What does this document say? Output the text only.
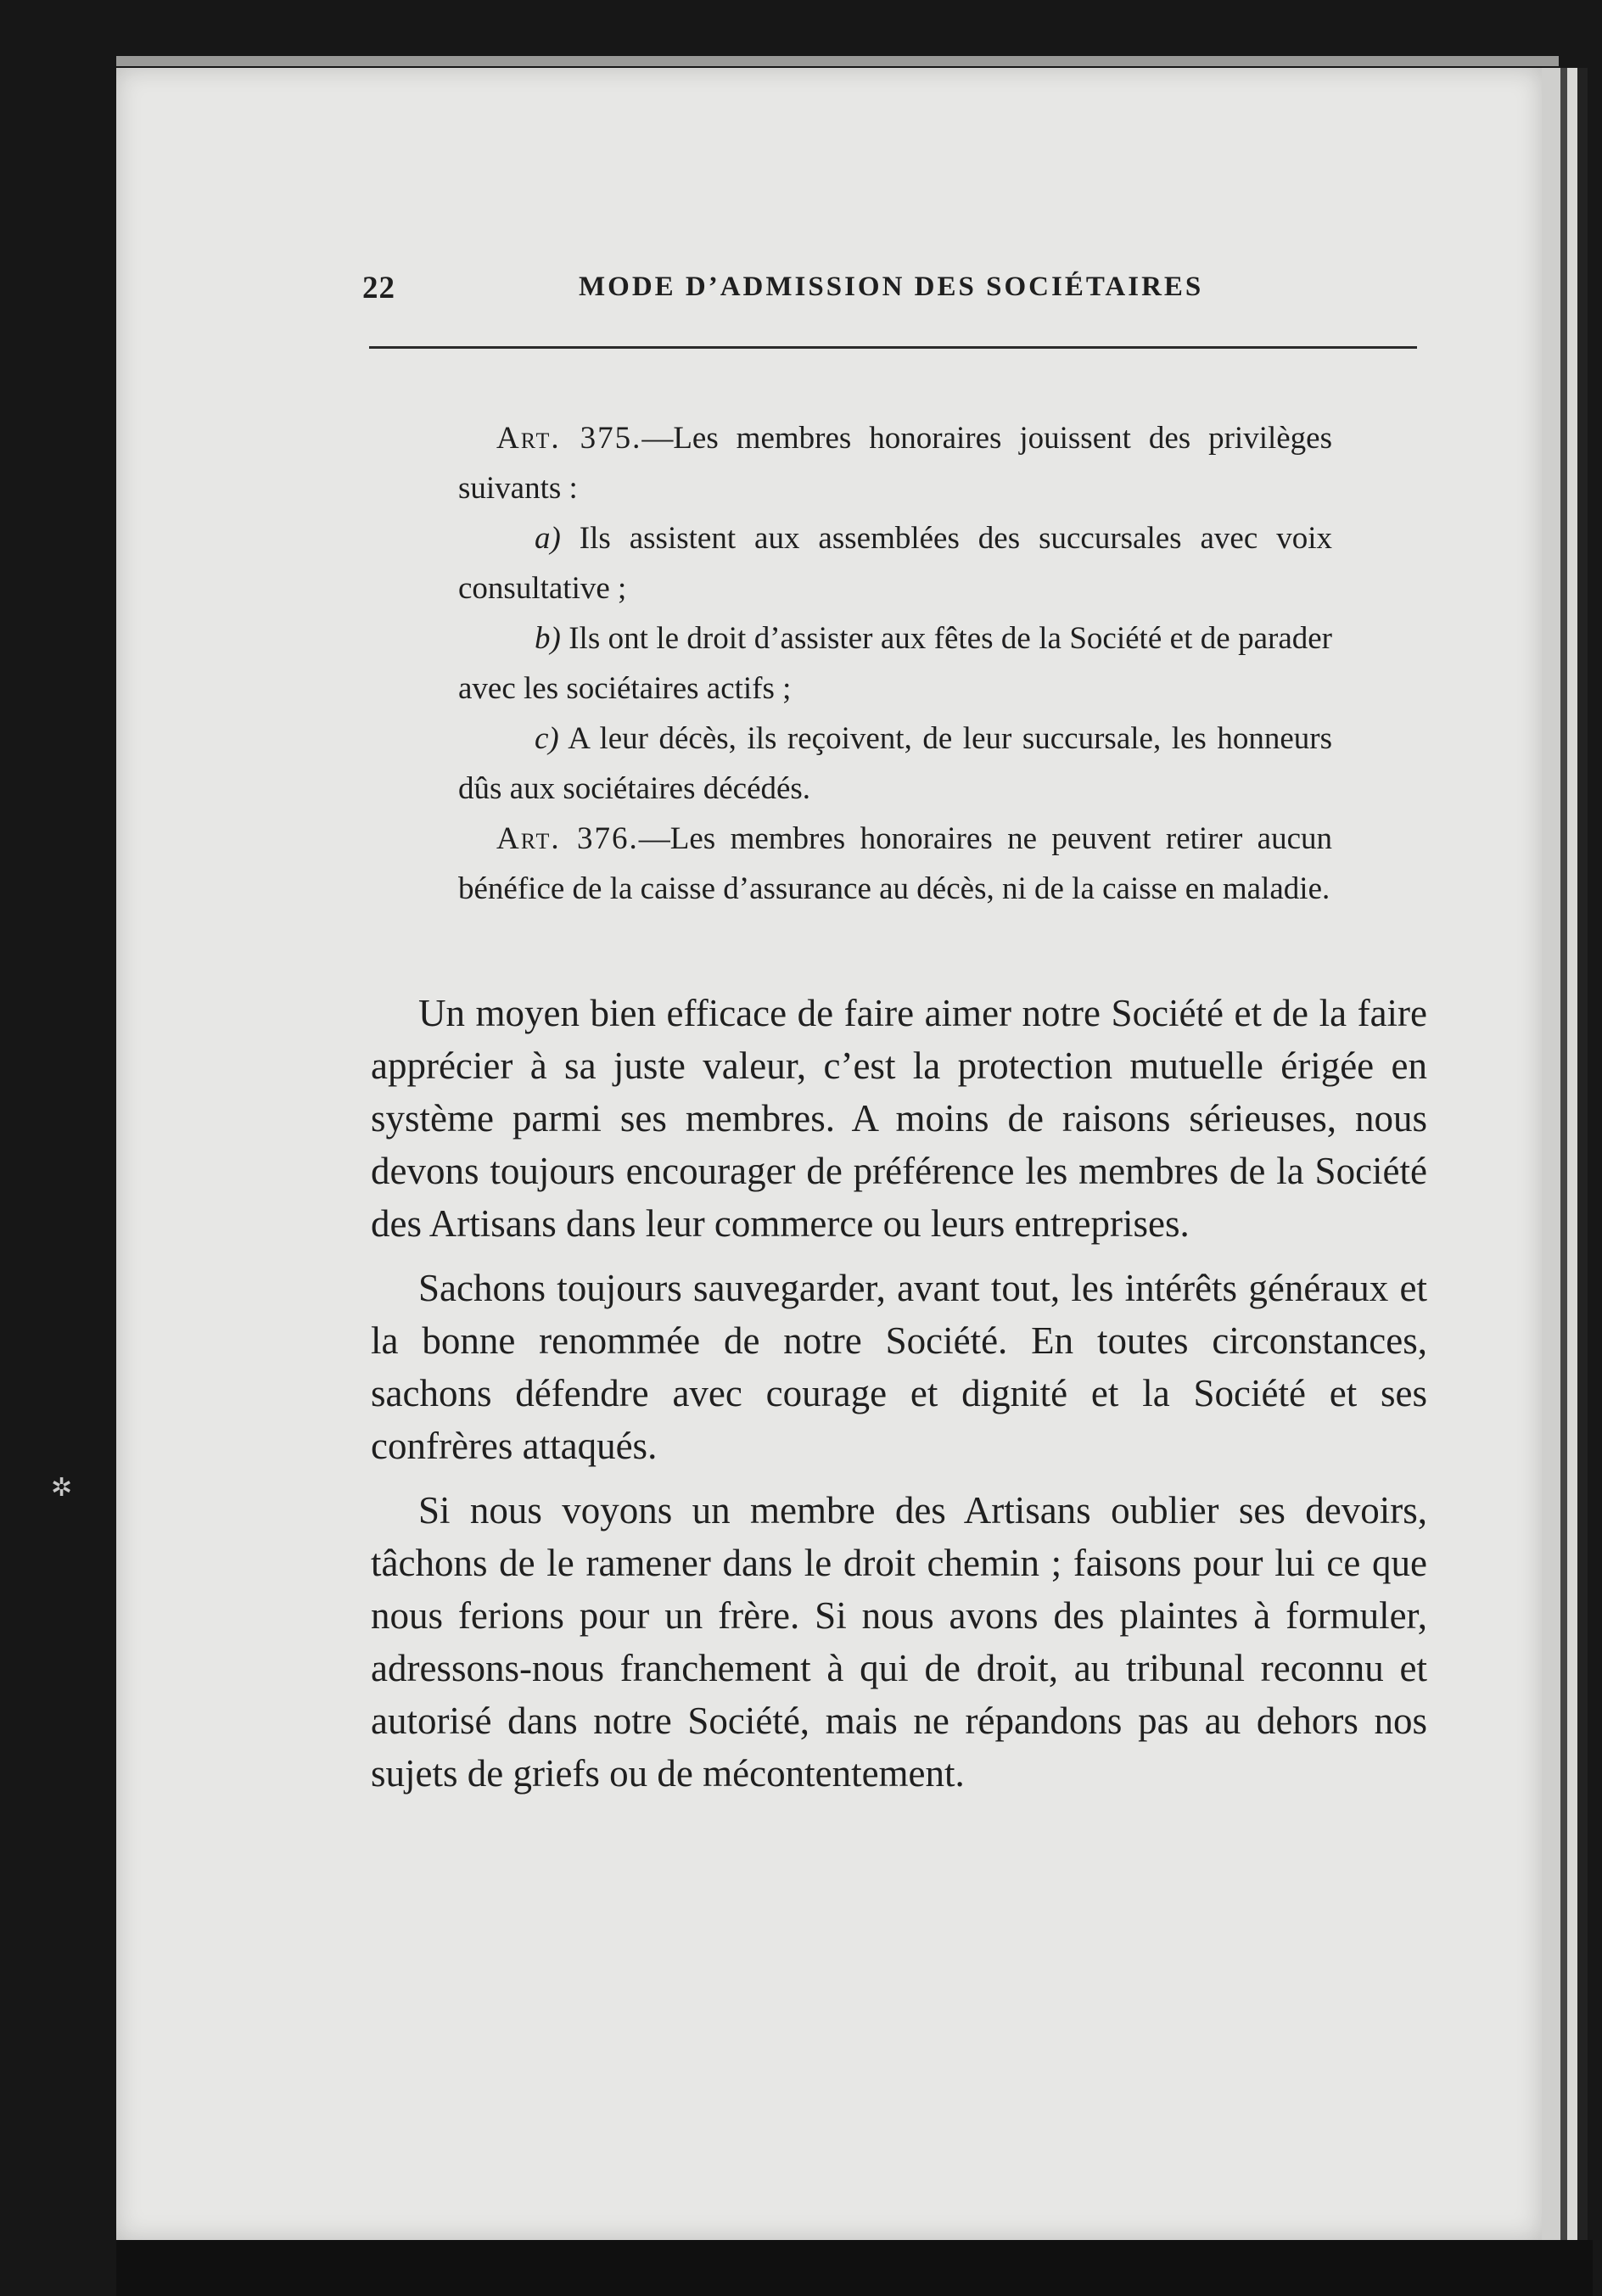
✲
22	MODE D’ADMISSION DES SOCIÉTAIRES

Art. 375.—Les membres honoraires jouissent des privilèges suivants :

a) Ils assistent aux assemblées des succursales avec voix consultative ;

b) Ils ont le droit d’assister aux fêtes de la Société et de parader avec les sociétaires actifs ;

c) A leur décès, ils reçoivent, de leur succursale, les honneurs dûs aux sociétaires décédés.

Art. 376.—Les membres honoraires ne peuvent retirer aucun bénéfice de la caisse d’assurance au décès, ni de la caisse en maladie.

Un moyen bien efficace de faire aimer notre Société et de la faire apprécier à sa juste valeur, c’est la protection mutuelle érigée en système parmi ses membres. A moins de raisons sérieuses, nous devons toujours encourager de préférence les membres de la Société des Artisans dans leur commerce ou leurs entreprises.

Sachons toujours sauvegarder, avant tout, les intérêts généraux et la bonne renommée de notre Société. En toutes circonstances, sachons défendre avec courage et dignité et la Société et ses confrères attaqués.

Si nous voyons un membre des Artisans oublier ses devoirs, tâchons de le ramener dans le droit chemin ; faisons pour lui ce que nous ferions pour un frère. Si nous avons des plaintes à formuler, adressons-nous franchement à qui de droit, au tribunal reconnu et autorisé dans notre Société, mais ne répandons pas au dehors nos sujets de griefs ou de mécontentement.
